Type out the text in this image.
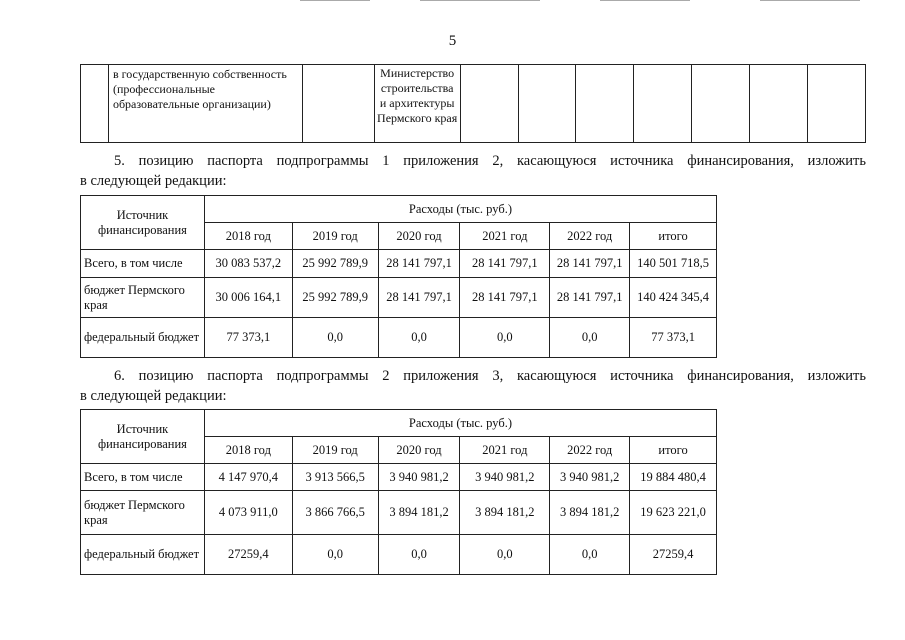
5
	в государственную собственность (профессиональные образовательные организации)		Министерство строительства и архитектуры Пермского края							

5. позицию паспорта подпрограммы 1 приложения 2, касающуюся источника финансирования, изложить

в следующей редакции:

Источник финансирования	Расходы (тыс. руб.)					
	2018 год	2019 год	2020 год	2021 год	2022 год	итого
Всего, в том числе	30 083 537,2	25 992 789,9	28 141 797,1	28 141 797,1	28 141 797,1	140 501 718,5
бюджет Пермского края	30 006 164,1	25 992 789,9	28 141 797,1	28 141 797,1	28 141 797,1	140 424 345,4
федеральный бюджет	77 373,1	0,0	0,0	0,0	0,0	77 373,1

6. позицию паспорта подпрограммы 2 приложения 3, касающуюся источника финансирования, изложить

в следующей редакции:

Источник финансирования	Расходы (тыс. руб.)					
	2018 год	2019 год	2020 год	2021 год	2022 год	итого
Всего, в том числе	4 147 970,4	3 913 566,5	3 940 981,2	3 940 981,2	3 940 981,2	19 884 480,4
бюджет Пермского края	4 073 911,0	3 866 766,5	3 894 181,2	3 894 181,2	3 894 181,2	19 623 221,0
федеральный бюджет	27259,4	0,0	0,0	0,0	0,0	27259,4
